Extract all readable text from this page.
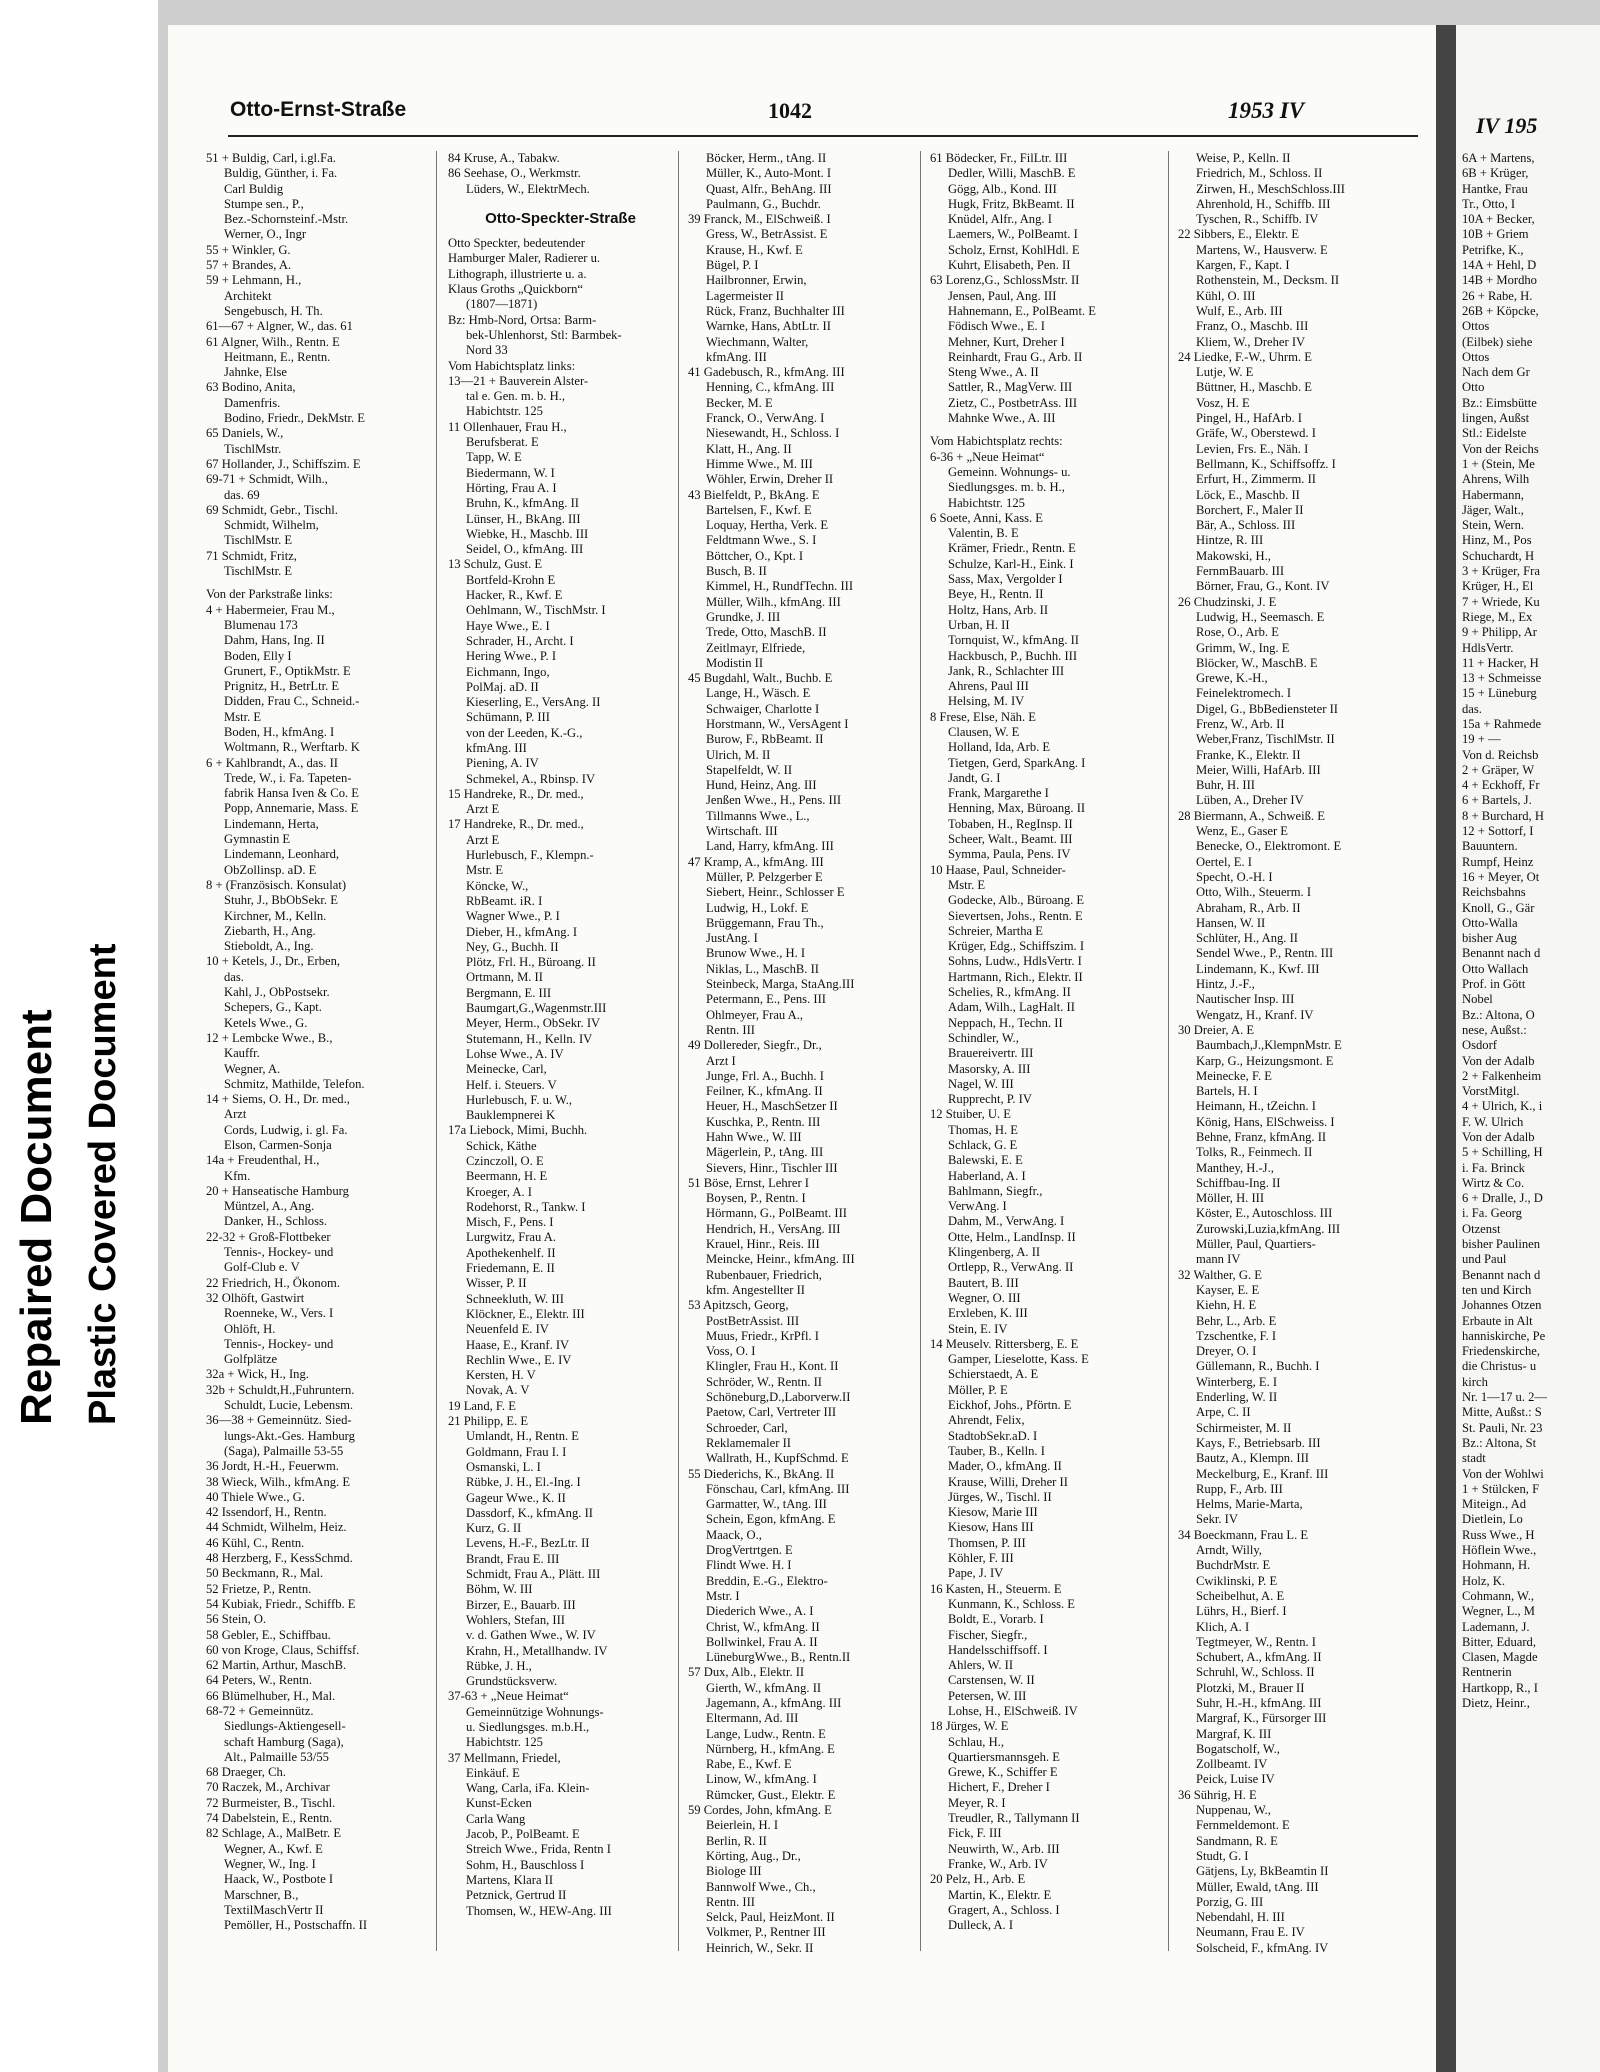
Repaired Document Plastic Covered Document
Otto-Ernst-Straße	1042	1953 IV
51 + Buldig, Carl, i.gl.Fa.
Buldig, Günther, i. Fa.
Carl Buldig
Stumpe sen., P.,
Bez.-Schornsteinf.-Mstr.
Werner, O., Ingr
55 + Winkler, G.
57 + Brandes, A.
59 + Lehmann, H.,
Architekt
Sengebusch, H. Th.
61—67 + Algner, W., das. 61
61 Algner, Wilh., Rentn. E
Heitmann, E., Rentn.
Jahnke, Else
63 Bodino, Anita,
Damenfris.
Bodino, Friedr., DekMstr. E
65 Daniels, W.,
TischlMstr.
67 Hollander, J., Schiffszim. E
69-71 + Schmidt, Wilh.,
das. 69
69 Schmidt, Gebr., Tischl.
Schmidt, Wilhelm,
TischlMstr. E
71 Schmidt, Fritz,
TischlMstr. E
Von der Parkstraße links:
4 + Habermeier, Frau M.,
Blumenau 173
Dahm, Hans, Ing. II
Boden, Elly I
Grunert, F., OptikMstr. E
Prignitz, H., BetrLtr. E
Didden, Frau C., Schneid.-
Mstr. E
Boden, H., kfmAng. I
Woltmann, R., Werftarb. K
6 + Kahlbrandt, A., das. II
Trede, W., i. Fa. Tapeten-
fabrik Hansa Iven & Co. E
Popp, Annemarie, Mass. E
Lindemann, Herta,
Gymnastin E
Lindemann, Leonhard,
ObZollinsp. aD. E
8 + (Französisch. Konsulat)
Stuhr, J., BbObSekr. E
Kirchner, M., Kelln.
Ziebarth, H., Ang.
Stieboldt, A., Ing.
10 + Ketels, J., Dr., Erben,
das.
Kahl, J., ObPostsekr.
Schepers, G., Kapt.
Ketels Wwe., G.
12 + Lembcke Wwe., B.,
Kauffr.
Wegner, A.
Schmitz, Mathilde, Telefon.
14 + Siems, O. H., Dr. med.,
Arzt
Cords, Ludwig, i. gl. Fa.
Elson, Carmen-Sonja
14a + Freudenthal, H.,
Kfm.
20 + Hanseatische Hamburg
Müntzel, A., Ang.
Danker, H., Schloss.
22-32 + Groß-Flottbeker
Tennis-, Hockey- und
Golf-Club e. V
22 Friedrich, H., Ökonom.
32 Olhöft, Gastwirt
Roenneke, W., Vers. I
Ohlöft, H.
Tennis-, Hockey- und
Golfplätze
32a + Wick, H., Ing.
32b + Schuldt,H.,Fuhruntern.
Schuldt, Lucie, Lebensm.
36—38 + Gemeinnütz. Sied-
lungs-Akt.-Ges. Hamburg
(Saga), Palmaille 53-55
36 Jordt, H.-H., Feuerwm.
38 Wieck, Wilh., kfmAng. E
40 Thiele Wwe., G.
42 Issendorf, H., Rentn.
44 Schmidt, Wilhelm, Heiz.
46 Kühl, C., Rentn.
48 Herzberg, F., KessSchmd.
50 Beckmann, R., Mal.
52 Frietze, P., Rentn.
54 Kubiak, Friedr., Schiffb. E
56 Stein, O.
58 Gebler, E., Schiffbau.
60 von Kroge, Claus, Schiffsf.
62 Martin, Arthur, MaschB.
64 Peters, W., Rentn.
66 Blümelhuber, H., Mal.
68-72 + Gemeinnütz.
Siedlungs-Aktiengesell-
schaft Hamburg (Saga),
Alt., Palmaille 53/55
68 Draeger, Ch.
70 Raczek, M., Archivar
72 Burmeister, B., Tischl.
74 Dabelstein, E., Rentn.
82 Schlage, A., MalBetr. E
Wegner, A., Kwf. E
Wegner, W., Ing. I
Haack, W., Postbote I
Marschner, B.,
TextilMaschVertr II
Pemöller, H., Postschaffn. II
84 Kruse, A., Tabakw.
86 Seehase, O., Werkmstr.
Lüders, W., ElektrMech.
Otto-Speckter-Straße
Otto Speckter, bedeutender
Hamburger Maler, Radierer u.
Lithograph, illustrierte u. a.
Klaus Groths „Quickborn“
(1807—1871)
Bz: Hmb-Nord, Ortsa: Barm-
bek-Uhlenhorst, Stl: Barmbek-
Nord 33
Vom Habichtsplatz links:
13—21 + Bauverein Alster-
tal e. Gen. m. b. H.,
Habichtstr. 125
11 Ollenhauer, Frau H.,
Berufsberat. E
Tapp, W. E
Biedermann, W. I
Hörting, Frau A. I
Bruhn, K., kfmAng. II
Lünser, H., BkAng. III
Wiebke, H., Maschb. III
Seidel, O., kfmAng. III
13 Schulz, Gust. E
Bortfeld-Krohn E
Hacker, R., Kwf. E
Oehlmann, W., TischMstr. I
Haye Wwe., E. I
Schrader, H., Archt. I
Hering Wwe., P. I
Eichmann, Ingo,
PolMaj. aD. II
Kieserling, E., VersAng. II
Schümann, P. III
von der Leeden, K.-G.,
kfmAng. III
Piening, A. IV
Schmekel, A., Rbinsp. IV
15 Handreke, R., Dr. med.,
Arzt E
17 Handreke, R., Dr. med.,
Arzt E
Hurlebusch, F., Klempn.-
Mstr. E
Köncke, W.,
RbBeamt. iR. I
Wagner Wwe., P. I
Dieber, H., kfmAng. I
Ney, G., Buchh. II
Plötz, Frl. H., Büroang. II
Ortmann, M. II
Bergmann, E. III
Baumgart,G.,Wagenmstr.III
Meyer, Herm., ObSekr. IV
Stutemann, H., Kelln. IV
Lohse Wwe., A. IV
Meinecke, Carl,
Helf. i. Steuers. V
Hurlebusch, F. u. W.,
Bauklempnerei K
17a Liebock, Mimi, Buchh.
Schick, Käthe
Czinczoll, O. E
Beermann, H. E
Kroeger, A. I
Rodehorst, R., Tankw. I
Misch, F., Pens. I
Lurgwitz, Frau A.
Apothekenhelf. II
Friedemann, E. II
Wisser, P. II
Schneekluth, W. III
Klöckner, E., Elektr. III
Neuenfeld E. IV
Haase, E., Kranf. IV
Rechlin Wwe., E. IV
Kersten, H. V
Novak, A. V
19 Land, F. E
21 Philipp, E. E
Umlandt, H., Rentn. E
Goldmann, Frau I. I
Osmanski, L. I
Rübke, J. H., El.-Ing. I
Gageur Wwe., K. II
Dassdorf, K., kfmAng. II
Kurz, G. II
Levens, H.-F., BezLtr. II
Brandt, Frau E. III
Schmidt, Frau A., Plätt. III
Böhm, W. III
Birzer, E., Bauarb. III
Wohlers, Stefan, III
v. d. Gathen Wwe., W. IV
Krahn, H., Metallhandw. IV
Rübke, J. H.,
Grundstücksverw.
37-63 + „Neue Heimat“
Gemeinnützige Wohnungs-
u. Siedlungsges. m.b.H.,
Habichtstr. 125
37 Mellmann, Friedel,
Einkäuf. E
Wang, Carla, iFa. Klein-
Kunst-Ecken
Carla Wang
Jacob, P., PolBeamt. E
Streich Wwe., Frida, Rentn I
Sohm, H., Bauschloss I
Martens, Klara II
Petznick, Gertrud II
Thomsen, W., HEW-Ang. III
Böcker, Herm., tAng. II
Müller, K., Auto-Mont. I
Quast, Alfr., BehAng. III
Paulmann, G., Buchdr.
39 Franck, M., ElSchweiß. I
Gress, W., BetrAssist. E
Krause, H., Kwf. E
Bügel, P. I
Hailbronner, Erwin,
Lagermeister II
Rück, Franz, Buchhalter III
Warnke, Hans, AbtLtr. II
Wiechmann, Walter,
kfmAng. III
41 Gadebusch, R., kfmAng. III
Henning, C., kfmAng. III
Becker, M. E
Franck, O., VerwAng. I
Niesewandt, H., Schloss. I
Klatt, H., Ang. II
Himme Wwe., M. III
Wöhler, Erwin, Dreher II
43 Bielfeldt, P., BkAng. E
Bartelsen, F., Kwf. E
Loquay, Hertha, Verk. E
Feldtmann Wwe., S. I
Böttcher, O., Kpt. I
Busch, B. II
Kimmel, H., RundfTechn. III
Müller, Wilh., kfmAng. III
Grundke, J. III
Trede, Otto, MaschB. II
Zeitlmayr, Elfriede,
Modistin II
45 Bugdahl, Walt., Buchb. E
Lange, H., Wäsch. E
Schwaiger, Charlotte I
Horstmann, W., VersAgent I
Burow, F., RbBeamt. II
Ulrich, M. II
Stapelfeldt, W. II
Hund, Heinz, Ang. III
Jenßen Wwe., H., Pens. III
Tillmanns Wwe., L.,
Wirtschaft. III
Land, Harry, kfmAng. III
47 Kramp, A., kfmAng. III
Müller, P. Pelzgerber E
Siebert, Heinr., Schlosser E
Ludwig, H., Lokf. E
Brüggemann, Frau Th.,
JustAng. I
Brunow Wwe., H. I
Niklas, L., MaschB. II
Steinbeck, Marga, StaAng.III
Petermann, E., Pens. III
Ohlmeyer, Frau A.,
Rentn. III
49 Dollereder, Siegfr., Dr.,
Arzt I
Junge, Frl. A., Buchh. I
Feilner, K., kfmAng. II
Heuer, H., MaschSetzer II
Kuschka, P., Rentn. III
Hahn Wwe., W. III
Mägerlein, P., tAng. III
Sievers, Hinr., Tischler III
51 Böse, Ernst, Lehrer I
Boysen, P., Rentn. I
Hörmann, G., PolBeamt. III
Hendrich, H., VersAng. III
Krauel, Hinr., Reis. III
Meincke, Heinr., kfmAng. III
Rubenbauer, Friedrich,
kfm. Angestellter II
53 Apitzsch, Georg,
PostBetrAssist. III
Muus, Friedr., KrPfl. I
Voss, O. I
Klingler, Frau H., Kont. II
Schröder, W., Rentn. II
Schöneburg,D.,Laborverw.II
Paetow, Carl, Vertreter III
Schroeder, Carl,
Reklamemaler II
Wallrath, H., KupfSchmd. E
55 Diederichs, K., BkAng. II
Fönschau, Carl, kfmAng. III
Garmatter, W., tAng. III
Schein, Egon, kfmAng. E
Maack, O.,
DrogVertrtgen. E
Flindt Wwe. H. I
Breddin, E.-G., Elektro-
Mstr. I
Diederich Wwe., A. I
Christ, W., kfmAng. II
Bollwinkel, Frau A. II
LüneburgWwe., B., Rentn.II
57 Dux, Alb., Elektr. II
Gierth, W., kfmAng. II
Jagemann, A., kfmAng. III
Eltermann, Ad. III
Lange, Ludw., Rentn. E
Nürnberg, H., kfmAng. E
Rabe, E., Kwf. E
Linow, W., kfmAng. I
Rümcker, Gust., Elektr. E
59 Cordes, John, kfmAng. E
Beierlein, H. I
Berlin, R. II
Körting, Aug., Dr.,
Biologe III
Bannwolf Wwe., Ch.,
Rentn. III
Selck, Paul, HeizMont. II
Volkmer, P., Rentner III
Heinrich, W., Sekr. II
61 Bödecker, Fr., FilLtr. III
Dedler, Willi, MaschB. E
Gögg, Alb., Kond. III
Hugk, Fritz, BkBeamt. II
Knüdel, Alfr., Ang. I
Laemers, W., PolBeamt. I
Scholz, Ernst, KohlHdl. E
Kuhrt, Elisabeth, Pen. II
63 Lorenz,G., SchlossMstr. II
Jensen, Paul, Ang. III
Hahnemann, E., PolBeamt. E
Födisch Wwe., E. I
Mehner, Kurt, Dreher I
Reinhardt, Frau G., Arb. II
Steng Wwe., A. II
Sattler, R., MagVerw. III
Zietz, C., PostbetrAss. III
Mahnke Wwe., A. III
Vom Habichtsplatz rechts:
6-36 + „Neue Heimat“
Gemeinn. Wohnungs- u.
Siedlungsges. m. b. H.,
Habichtstr. 125
6 Soete, Anni, Kass. E
Valentin, B. E
Krämer, Friedr., Rentn. E
Schulze, Karl-H., Eink. I
Sass, Max, Vergolder I
Beye, H., Rentn. II
Holtz, Hans, Arb. II
Urban, H. II
Tornquist, W., kfmAng. II
Hackbusch, P., Buchh. III
Jank, R., Schlachter III
Ahrens, Paul III
Helsing, M. IV
8 Frese, Else, Näh. E
Clausen, W. E
Holland, Ida, Arb. E
Tietgen, Gerd, SparkAng. I
Jandt, G. I
Frank, Margarethe I
Henning, Max, Büroang. II
Tobaben, H., RegInsp. II
Scheer, Walt., Beamt. III
Symma, Paula, Pens. IV
10 Haase, Paul, Schneider-
Mstr. E
Godecke, Alb., Büroang. E
Sievertsen, Johs., Rentn. E
Schreier, Martha E
Krüger, Edg., Schiffszim. I
Sohns, Ludw., HdlsVertr. I
Hartmann, Rich., Elektr. II
Schelies, R., kfmAng. II
Adam, Wilh., LagHalt. II
Neppach, H., Techn. II
Schindler, W.,
Brauereivertr. III
Masorsky, A. III
Nagel, W. III
Rupprecht, P. IV
12 Stuiber, U. E
Thomas, H. E
Schlack, G. E
Balewski, E. E
Haberland, A. I
Bahlmann, Siegfr.,
VerwAng. I
Dahm, M., VerwAng. I
Otte, Helm., LandInsp. II
Klingenberg, A. II
Ortlepp, R., VerwAng. II
Bautert, B. III
Wegner, O. III
Erxleben, K. III
Stein, E. IV
14 Meuselv. Rittersberg, E. E
Gamper, Lieselotte, Kass. E
Schierstaedt, A. E
Möller, P. E
Eickhof, Johs., Pförtn. E
Ahrendt, Felix,
StadtobSekr.aD. I
Tauber, B., Kelln. I
Mader, O., kfmAng. II
Krause, Willi, Dreher II
Jürges, W., Tischl. II
Kiesow, Marie III
Kiesow, Hans III
Thomsen, P. III
Köhler, F. III
Pape, J. IV
16 Kasten, H., Steuerm. E
Kunmann, K., Schloss. E
Boldt, E., Vorarb. I
Fischer, Siegfr.,
Handelsschiffsoff. I
Ahlers, W. II
Carstensen, W. II
Petersen, W. III
Lohse, H., ElSchweiß. IV
18 Jürges, W. E
Schlau, H.,
Quartiersmannsgeh. E
Grewe, K., Schiffer E
Hichert, F., Dreher I
Meyer, R. I
Treudler, R., Tallymann II
Fick, F. III
Neuwirth, W., Arb. III
Franke, W., Arb. IV
20 Pelz, H., Arb. E
Martin, K., Elektr. E
Gragert, A., Schloss. I
Dulleck, A. I
Weise, P., Kelln. II
Friedrich, M., Schloss. II
Zirwen, H., MeschSchloss.III
Ahrenhold, H., Schiffb. III
Tyschen, R., Schiffb. IV
22 Sibbers, E., Elektr. E
Martens, W., Hausverw. E
Kargen, F., Kapt. I
Rothenstein, M., Decksm. II
Kühl, O. III
Wulf, E., Arb. III
Franz, O., Maschb. III
Kliem, W., Dreher IV
24 Liedke, F.-W., Uhrm. E
Lutje, W. E
Büttner, H., Maschb. E
Vosz, H. E
Pingel, H., HafArb. I
Gräfe, W., Oberstewd. I
Levien, Frs. E., Näh. I
Bellmann, K., Schiffsoffz. I
Erfurt, H., Zimmerm. II
Löck, E., Maschb. II
Borchert, F., Maler II
Bär, A., Schloss. III
Hintze, R. III
Makowski, H.,
FernmBauarb. III
Börner, Frau, G., Kont. IV
26 Chudzinski, J. E
Ludwig, H., Seemasch. E
Rose, O., Arb. E
Grimm, W., Ing. E
Blöcker, W., MaschB. E
Grewe, K.-H.,
Feinelektromech. I
Digel, G., BbBediensteter II
Frenz, W., Arb. II
Weber,Franz, TischlMstr. II
Franke, K., Elektr. II
Meier, Willi, HafArb. III
Buhr, H. III
Lüben, A., Dreher IV
28 Biermann, A., Schweiß. E
Wenz, E., Gaser E
Benecke, O., Elektromont. E
Oertel, E. I
Specht, O.-H. I
Otto, Wilh., Steuerm. I
Abraham, R., Arb. II
Hansen, W. II
Schlüter, H., Ang. II
Sendel Wwe., P., Rentn. III
Lindemann, K., Kwf. III
Hintz, J.-F.,
Nautischer Insp. III
Wengatz, H., Kranf. IV
30 Dreier, A. E
Baumbach,J.,KlempnMstr. E
Karp, G., Heizungsmont. E
Meinecke, F. E
Bartels, H. I
Heimann, H., tZeichn. I
König, Hans, ElSchweiss. I
Behne, Franz, kfmAng. II
Tolks, R., Feinmech. II
Manthey, H.-J.,
Schiffbau-Ing. II
Möller, H. III
Köster, E., Autoschloss. III
Zurowski,Luzia,kfmAng. III
Müller, Paul, Quartiers-
mann IV
32 Walther, G. E
Kayser, E. E
Kiehn, H. E
Behr, L., Arb. E
Tzschentke, F. I
Dreyer, O. I
Güllemann, R., Buchh. I
Winterberg, E. I
Enderling, W. II
Arpe, C. II
Schirmeister, M. II
Kays, F., Betriebsarb. III
Bautz, A., Klempn. III
Meckelburg, E., Kranf. III
Rupp, F., Arb. III
Helms, Marie-Marta,
Sekr. IV
34 Boeckmann, Frau L. E
Arndt, Willy,
BuchdrMstr. E
Cwiklinski, P. E
Scheibelhut, A. E
Lührs, H., Bierf. I
Klich, A. I
Tegtmeyer, W., Rentn. I
Schubert, A., kfmAng. II
Schruhl, W., Schloss. II
Plotzki, M., Brauer II
Suhr, H.-H., kfmAng. III
Margraf, K., Fürsorger III
Margraf, K. III
Bogatscholf, W.,
Zollbeamt. IV
Peick, Luise IV
36 Sührig, H. E
Nuppenau, W.,
Fernmeldemont. E
Sandmann, R. E
Studt, G. I
Gätjens, Ly, BkBeamtin II
Müller, Ewald, tAng. III
Porzig, G. III
Nebendahl, H. III
Neumann, Frau E. IV
Solscheid, F., kfmAng. IV
IV 195
6A + Martens,
6B + Krüger,
Hantke, Frau
Tr., Otto, I
10A + Becker,
10B + Griem
Petrifke, K.,
14A + Hehl, D
14B + Mordho
26 + Rabe, H.
26B + Köpcke,
Ottos
(Eilbek) siehe
Ottos
Nach dem Gr
Otto
Bz.: Eimsbütte
lingen, Außst
Stl.: Eidelste
Von der Reichs
1 + (Stein, Me
Ahrens, Wilh
Habermann,
Jäger, Walt.,
Stein, Wern.
Hinz, M., Pos
Schuchardt, H
3 + Krüger, Fra
Krüger, H., El
7 + Wriede, Ku
Riege, M., Ex
9 + Philipp, Ar
HdlsVertr.
11 + Hacker, H
13 + Schmeisse
15 + Lüneburg
das.
15a + Rahmede
19 + —
Von d. Reichsb
2 + Gräper, W
4 + Eckhoff, Fr
6 + Bartels, J.
8 + Burchard, H
12 + Sottorf, I
Bauuntern.
Rumpf, Heinz
16 + Meyer, Ot
Reichsbahns
Knoll, G., Gär
Otto-Walla
bisher Aug
Benannt nach d
Otto Wallach
Prof. in Gött
Nobel
Bz.: Altona, O
nese, Außst.:
Osdorf
Von der Adalb
2 + Falkenheim
VorstMitgl.
4 + Ulrich, K., i
F. W. Ulrich
Von der Adalb
5 + Schilling, H
i. Fa. Brinck
Wirtz & Co.
6 + Dralle, J., D
i. Fa. Georg
Otzenst
bisher Paulinen
und Paul
Benannt nach d
ten und Kirch
Johannes Otzen
Erbaute in Alt
hanniskirche, Pe
Friedenskirche,
die Christus- u
kirch
Nr. 1—17 u. 2—
Mitte, Außst.: S
St. Pauli, Nr. 23
Bz.: Altona, St
stadt
Von der Wohlwi
1 + Stülcken, F
Miteign., Ad
Dietlein, Lo
Russ Wwe., H
Höflein Wwe.,
Hohmann, H.
Holz, K.
Cohmann, W.,
Wegner, L., M
Lademann, J.
Bitter, Eduard,
Clasen, Magde
Rentnerin
Hartkopp, R., I
Dietz, Heinr.,
